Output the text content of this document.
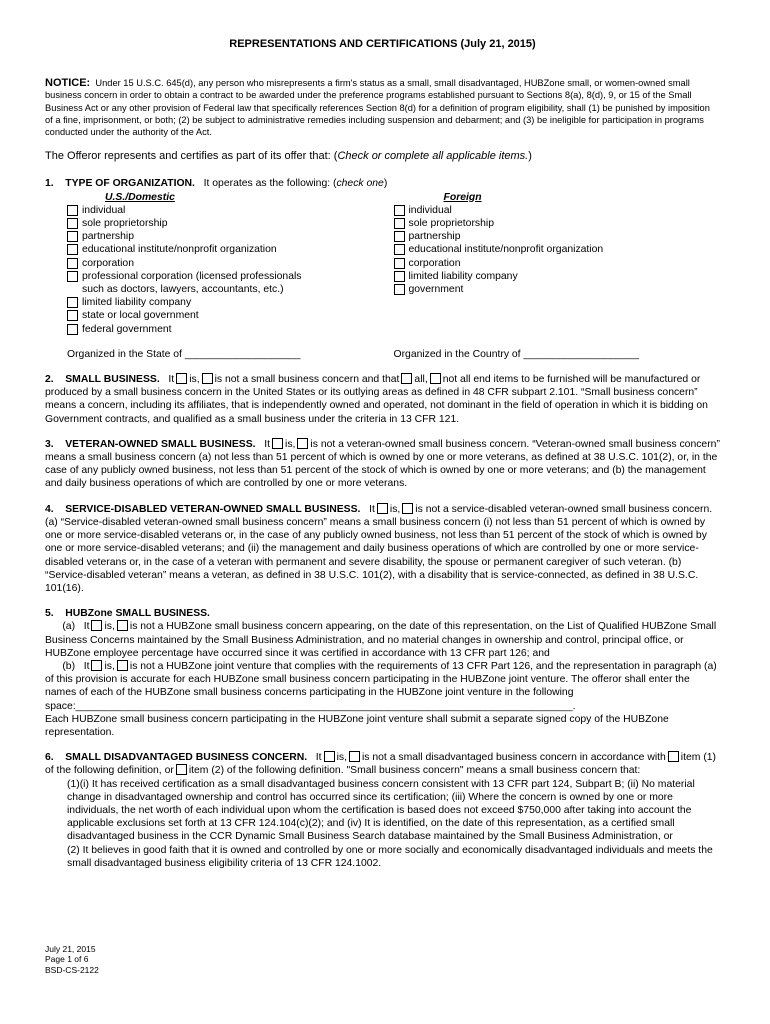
REPRESENTATIONS AND CERTIFICATIONS (July 21, 2015)
NOTICE: Under 15 U.S.C. 645(d), any person who misrepresents a firm's status as a small, small disadvantaged, HUBZone small, or women-owned small business concern in order to obtain a contract to be awarded under the preference programs established pursuant to Sections 8(a), 8(d), 9, or 15 of the Small Business Act or any other provision of Federal law that specifically references Section 8(d) for a definition of program eligibility, shall (1) be punished by imposition of a fine, imprisonment, or both; (2) be subject to administrative remedies including suspension and debarment; and (3) be ineligible for participation in programs conducted under the authority of the Act.
The Offeror represents and certifies as part of its offer that: (Check or complete all applicable items.)
1. TYPE OF ORGANIZATION. It operates as the following: (check one)
U.S./Domestic
individual
sole proprietorship
partnership
educational institute/nonprofit organization
corporation
professional corporation (licensed professionals
such as doctors, lawyers, accountants, etc.)
limited liability company
state or local government
federal government
Foreign
individual
sole proprietorship
partnership
educational institute/nonprofit organization
corporation
limited liability company
government
Organized in the State of ____________________	Organized in the Country of ____________________
2. SMALL BUSINESS. It is, is not a small business concern and that all, not all end items to be furnished will be manufactured or produced by a small business concern in the United States or its outlying areas as defined in 48 CFR subpart 2.101. “Small business concern” means a concern, including its affiliates, that is independently owned and operated, not dominant in the field of operation in which it is bidding on Government contracts, and qualified as a small business under the criteria in 13 CFR 121.
3. VETERAN-OWNED SMALL BUSINESS. It is, is not a veteran-owned small business concern. “Veteran-owned small business concern” means a small business concern (a) not less than 51 percent of which is owned by one or more veterans, as defined at 38 U.S.C. 101(2), or, in the case of any publicly owned business, not less than 51 percent of the stock of which is owned by one or more veterans; and (b) the management and daily business operations of which are controlled by one or more veterans.
4. SERVICE-DISABLED VETERAN-OWNED SMALL BUSINESS. It is, is not a service-disabled veteran-owned small business concern. (a) “Service-disabled veteran-owned small business concern” means a small business concern (i) not less than 51 percent of which is owned by one or more service-disabled veterans or, in the case of any publicly owned business, not less than 51 percent of the stock of which is owned by one or more service-disabled veterans; and (ii) the management and daily business operations of which are controlled by one or more service-disabled veterans or, in the case of a veteran with permanent and severe disability, the spouse or permanent caregiver of such veteran. (b) “Service-disabled veteran” means a veteran, as defined in 38 U.S.C. 101(2), with a disability that is service-connected, as defined in 38 U.S.C. 101(16).
5. HUBZone SMALL BUSINESS.
(a) It is, is not a HUBZone small business concern appearing, on the date of this representation, on the List of Qualified HUBZone Small Business Concerns maintained by the Small Business Administration, and no material changes in ownership and control, principal office, or HUBZone employee percentage have occurred since it was certified in accordance with 13 CFR part 126; and
(b) It is, is not a HUBZone joint venture that complies with the requirements of 13 CFR Part 126, and the representation in paragraph (a) of this provision is accurate for each HUBZone small business concern participating in the HUBZone joint venture. The offeror shall enter the names of each of the HUBZone small business concerns participating in the HUBZone joint venture in the following space:______________________________________________________________________________________.
Each HUBZone small business concern participating in the HUBZone joint venture shall submit a separate signed copy of the HUBZone representation.
6. SMALL DISADVANTAGED BUSINESS CONCERN. It is, is not a small disadvantaged business concern in accordance with item (1) of the following definition, or item (2) of the following definition. "Small business concern" means a small business concern that:
(1)(i) It has received certification as a small disadvantaged business concern consistent with 13 CFR part 124, Subpart B; (ii) No material change in disadvantaged ownership and control has occurred since its certification; (iii) Where the concern is owned by one or more individuals, the net worth of each individual upon whom the certification is based does not exceed $750,000 after taking into account the applicable exclusions set forth at 13 CFR 124.104(c)(2); and (iv) It is identified, on the date of this representation, as a certified small disadvantaged business in the CCR Dynamic Small Business Search database maintained by the Small Business Administration, or
(2) It believes in good faith that it is owned and controlled by one or more socially and economically disadvantaged individuals and meets the small disadvantaged business eligibility criteria of 13 CFR 124.1002.
July 21, 2015
Page 1 of 6
BSD-CS-2122
